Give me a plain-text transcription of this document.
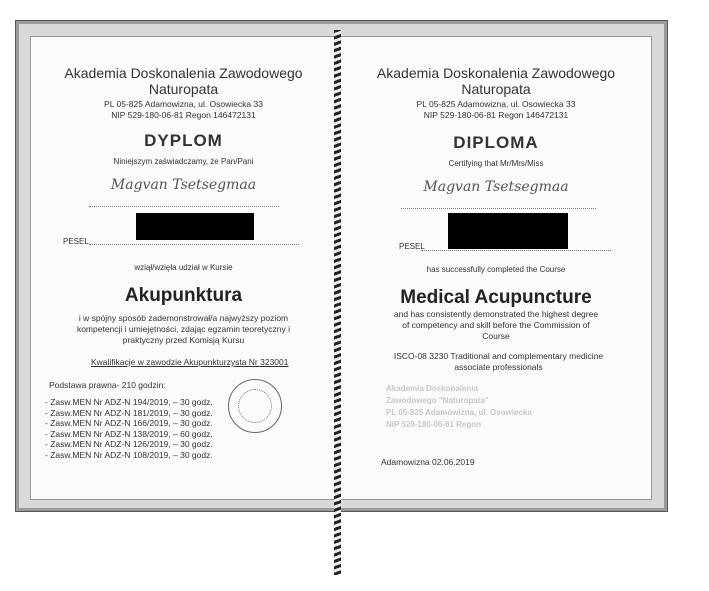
Akademia Doskonalenia Zawodowego
Naturopata
PL 05-825 Adamowizna, ul. Osowiecka 33
NIP 529-180-06-81 Regon 146472131
DYPLOM
Niniejszym zaświadczamy, że Pan/Pani
Magvan Tsetsegmaa
PESEL
wziął/wzięła udział w Kursie
Akupunktura
i w spójny sposób zademonstrował/a najwyższy poziom kompetencji i umiejętności, zdając egzamin teoretyczny i praktyczny przed Komisją Kursu
Kwalifikacje w zawodzie Akupunkturzysta Nr 323001
Podstawa prawna- 210 godzin:
- Zasw.MEN Nr ADZ-N 194/2019, – 30 godz.
- Zasw.MEN Nr ADZ-N 181/2019, – 30 godz.
- Zasw.MEN Nr ADZ-N 166/2019, – 30 godz.
- Zasw.MEN Nr ADZ-N 138/2019, – 60 godz.
- Zasw.MEN Nr ADZ-N 126/2019, – 30 godz.
- Zasw.MEN Nr ADZ-N 108/2019, – 30 godz.
Akademia Doskonalenia Zawodowego
Naturopata
PL 05-825 Adamowizna, ul. Osowiecka 33
NIP 529-180-06-81 Regon 146472131
DIPLOMA
Certifying that Mr/Mrs/Miss
Magvan Tsetsegmaa
PESEL
has successfully completed the Course
Medical Acupuncture
and has consistently demonstrated the highest degree of competency and skill before the Commission of Course
ISCO-08 3230 Traditional and complementary medicine associate professionals
Akademia Doskonalenia
Zawodowego "Naturopata"
PL 05-825 Adamowizna, ul. Osowiecka
NIP 529-180-06-81 Regon
Adamowizna 02.06.2019
